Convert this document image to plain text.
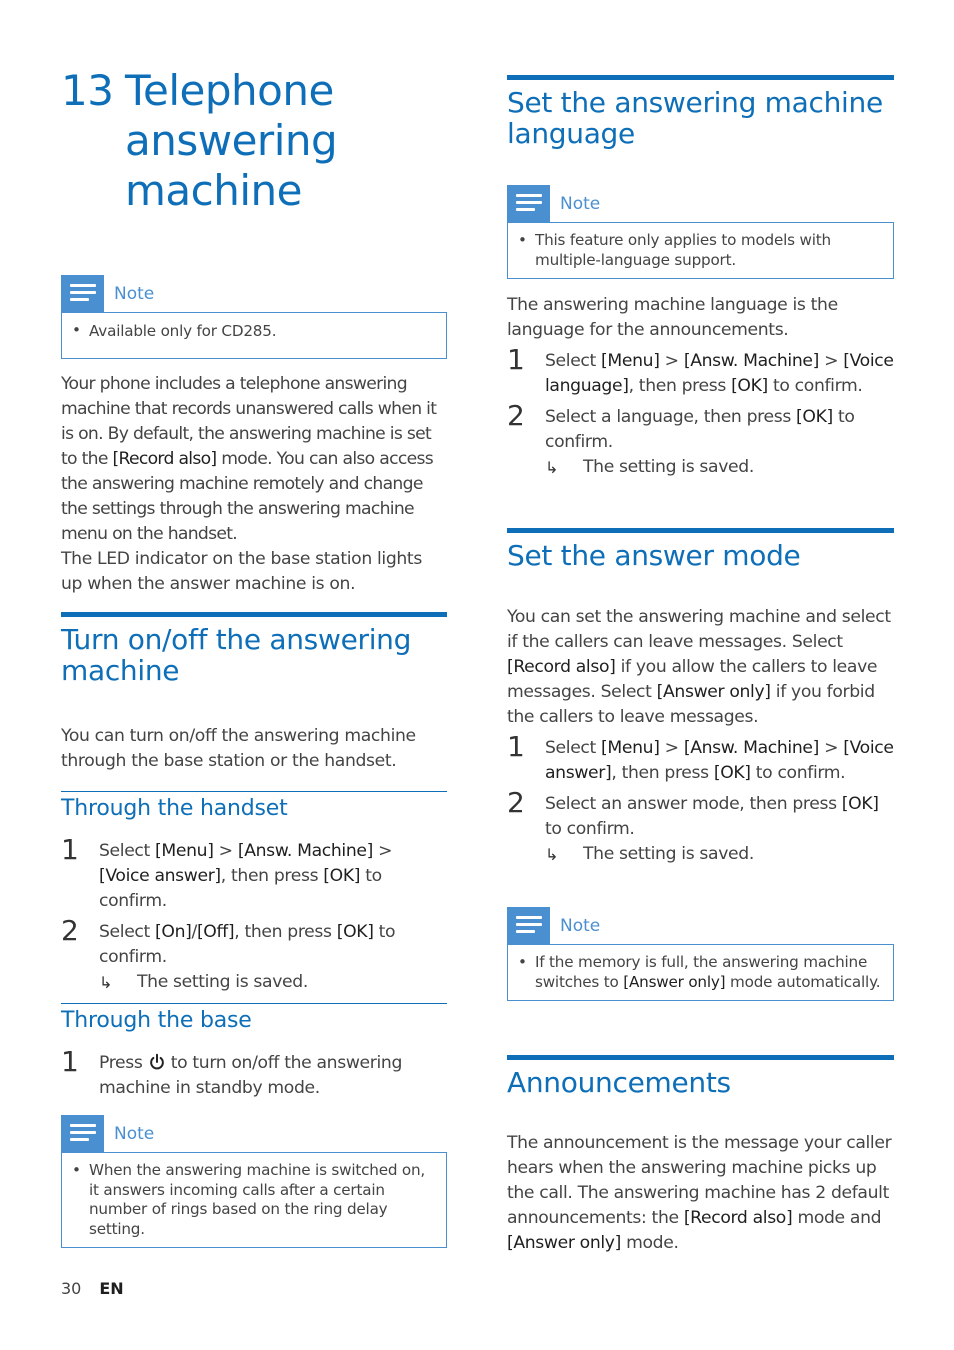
13 Telephone answering machine
Note
• Available only for CD285.

Your phone includes a telephone answering machine that records unanswered calls when it is on. By default, the answering machine is set to the [Record also] mode. You can also access the answering machine remotely and change the settings through the answering machine menu on the handset.

The LED indicator on the base station lights up when the answer machine is on.

Turn on/off the answering machine

You can turn on/off the answering machine through the base station or the handset.

Through the handset
1 Select [Menu] > [Answ. Machine] > [Voice answer], then press [OK] to confirm.
2 Select [On]/[Off], then press [OK] to confirm.
↳ The setting is saved.
Through the base
1 Press  to turn on/off the answering machine in standby mode.
Note
• When the answering machine is switched on, it answers incoming calls after a certain number of rings based on the ring delay setting.
Set the answering machine language
Note
• This feature only applies to models with multiple-language support.

The answering machine language is the language for the announcements.

1 Select [Menu] > [Answ. Machine] > [Voice language], then press [OK] to confirm.
2 Select a language, then press [OK] to confirm.
↳ The setting is saved.
Set the answer mode

You can set the answering machine and select if the callers can leave messages. Select [Record also] if you allow the callers to leave messages. Select [Answer only] if you forbid the callers to leave messages.

1 Select [Menu] > [Answ. Machine] > [Voice answer], then press [OK] to confirm.
2 Select an answer mode, then press [OK] to confirm.
↳ The setting is saved.
Note
• If the memory is full, the answering machine switches to [Answer only] mode automatically.
Announcements

The announcement is the message your caller hears when the answering machine picks up the call. The answering machine has 2 default announcements: the [Record also] mode and [Answer only] mode.

30 EN
